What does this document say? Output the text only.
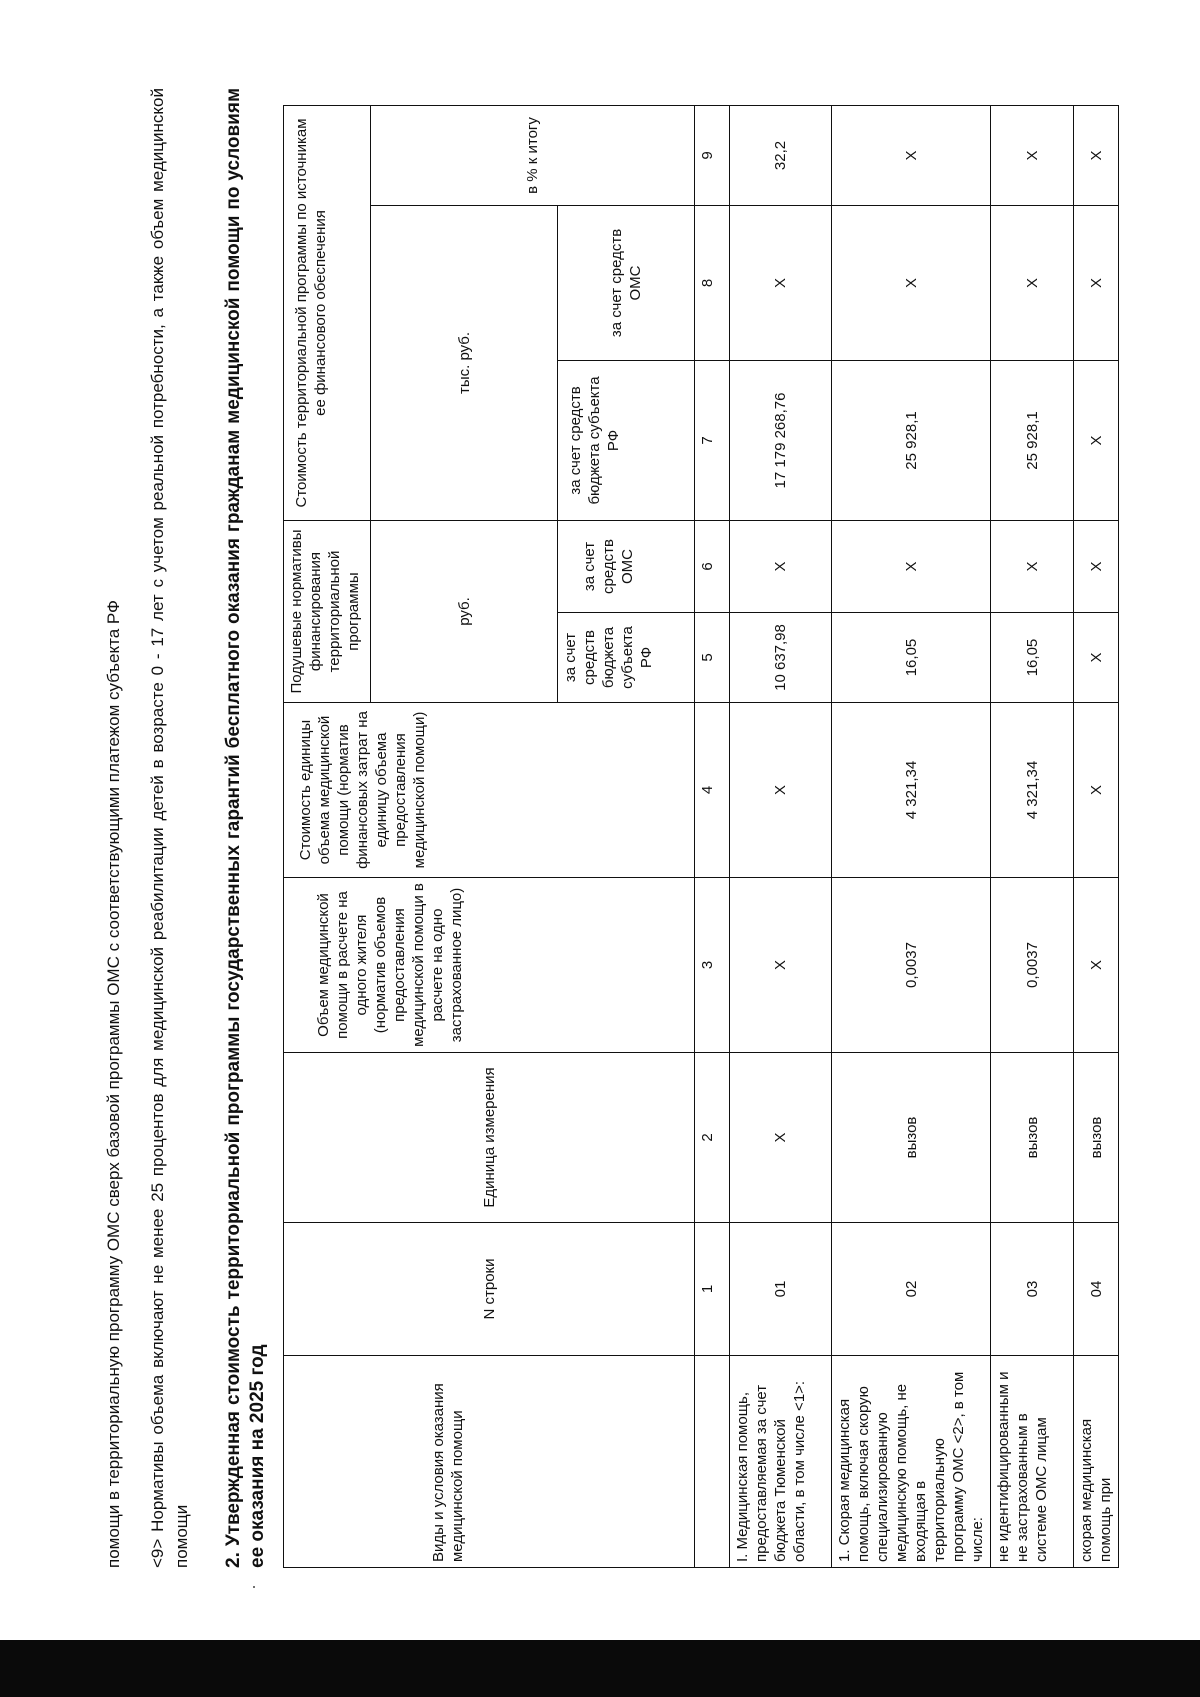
помощи в территориальную программу ОМС сверх базовой программы ОМС с соответствующими платежом субъекта РФ <9> Нормативы объема включают не менее 25 процентов для медицинской реабилитации детей в возрасте 0 - 17 лет с учетом реальной потребности, а также объем медицинской помощи 2. Утвержденная стоимость территориальной программы государственных гарантий бесплатного оказания гражданам медицинской помощи по условиям ее оказания на 2025 год	Виды и условия оказания медицинской помощи	N строки	Единица измерения	Объем медицинской помощи в расчете на одного жителя (норматив объемов предоставления медицинской помощи в расчете на одно застрахованное лицо)	Стоимость единицы объема медицинской помощи (норматив финансовых затрат на единицу объема предоставления медицинской помощи)	Подушевые нормативы финансирования территориальной программы		Стоимость территориальной программы по источникам ее финансового обеспечения		
					руб.		тыс. руб.		в % к итогу
					за счет средств бюджета субъекта РФ	за счет средств ОМС	за счет средств бюджета субъекта РФ	за счет средств ОМС	
	1	2	3	4	5	6	7	8	9
I. Медицинская помощь, предоставляемая за счет бюджета Тюменской области, в том числе <1>:	01	X	X	X	10 637,98	X	17 179 268,76	X	32,2
1. Скорая медицинская помощь, включая скорую специализированную медицинскую помощь, не входящая в территориальную программу ОМС <2>, в том числе:	02	вызов	0,0037	4 321,34	16,05	X	25 928,1	X	X
не идентифицированным и не застрахованным в системе ОМС лицам	03	вызов	0,0037	4 321,34	16,05	X	25 928,1	X	X
скорая медицинская помощь при	04	вызов	X	X	X	X	X	X	X
